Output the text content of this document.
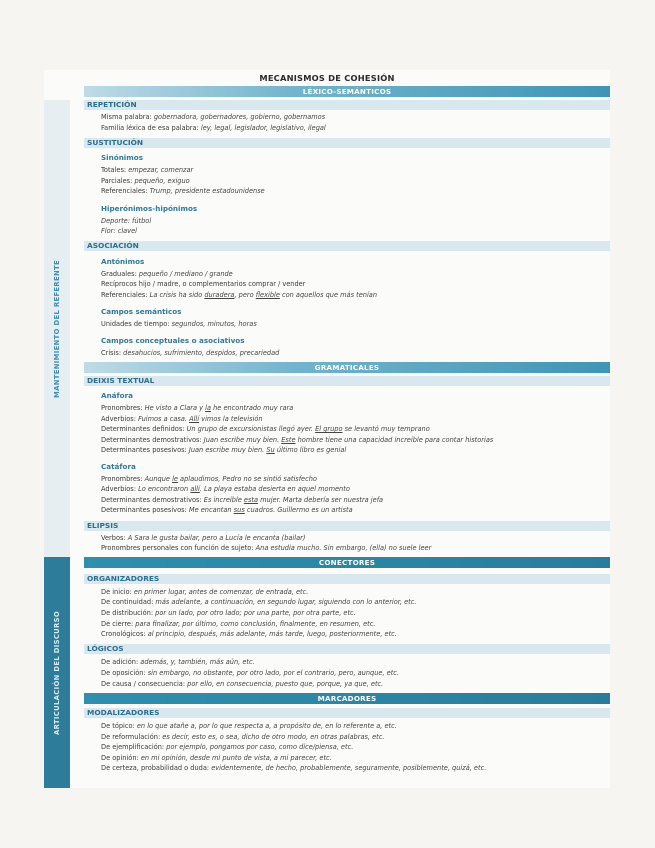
MECANISMOS DE COHESIÓN
MANTENIMIENTO DEL REFERENTE
ARTICULACIÓN DEL DISCURSO
LÉXICO-SEMÁNTICOS
REPETICIÓN
Misma palabra: gobernadora, gobernadores, gobierno, gobernamos
Familia léxica de esa palabra: ley, legal, legislador, legislativo, ilegal
SUSTITUCIÓN
Sinónimos
Totales: empezar, comenzar
Parciales: pequeño, exiguo
Referenciales: Trump, presidente estadounidense
Hiperónimos-hipónimos
Deporte: fútbol
Flor: clavel
ASOCIACIÓN
Antónimos
Graduales: pequeño / mediano / grande
Recíprocos hijo / madre, o complementarios comprar / vender
Referenciales: La crisis ha sido duradera, pero flexible con aquellos que más tenían
Campos semánticos
Unidades de tiempo: segundos, minutos, horas
Campos conceptuales o asociativos
Crisis: desahucios, sufrimiento, despidos, precariedad
GRAMATICALES
DEIXIS TEXTUAL
Anáfora
Pronombres: He visto a Clara y la he encontrado muy rara
Adverbios: Fuimos a casa. Allí vimos la televisión
Determinantes definidos: Un grupo de excursionistas llegó ayer. El grupo se levantó muy temprano
Determinantes demostrativos: Juan escribe muy bien. Este hombre tiene una capacidad increíble para contar historias
Determinantes posesivos: Juan escribe muy bien. Su último libro es genial
Catáfora
Pronombres: Aunque le aplaudimos, Pedro no se sintió satisfecho
Adverbios: Lo encontraron allí. La playa estaba desierta en aquel momento
Determinantes demostrativos: Es increíble esta mujer. Marta debería ser nuestra jefa
Determinantes posesivos: Me encantan sus cuadros. Guillermo es un artista
ELIPSIS
Verbos: A Sara le gusta bailar, pero a Lucía le encanta (bailar)
Pronombres personales con función de sujeto: Ana estudia mucho. Sin embargo, (ella) no suele leer
CONECTORES
ORGANIZADORES
De inicio: en primer lugar, antes de comenzar, de entrada, etc.
De continuidad: más adelante, a continuación, en segundo lugar, siguiendo con lo anterior, etc.
De distribución: por un lado, por otro lado; por una parte, por otra parte, etc.
De cierre: para finalizar, por último, como conclusión, finalmente, en resumen, etc.
Cronológicos: al principio, después, más adelante, más tarde, luego, posteriormente, etc.
LÓGICOS
De adición: además, y, también, más aún, etc.
De oposición: sin embargo, no obstante, por otro lado, por el contrario, pero, aunque, etc.
De causa / consecuencia: por ello, en consecuencia, puesto que, porque, ya que, etc.
MARCADORES
MODALIZADORES
De tópico: en lo que atañe a, por lo que respecta a, a propósito de, en lo referente a, etc.
De reformulación: es decir, esto es, o sea, dicho de otro modo, en otras palabras, etc.
De ejemplificación: por ejemplo, pongamos por caso, como dice/piensa, etc.
De opinión: en mi opinión, desde mi punto de vista, a mi parecer, etc.
De certeza, probabilidad o duda: evidentemente, de hecho, probablemente, seguramente, posiblemente, quizá, etc.
